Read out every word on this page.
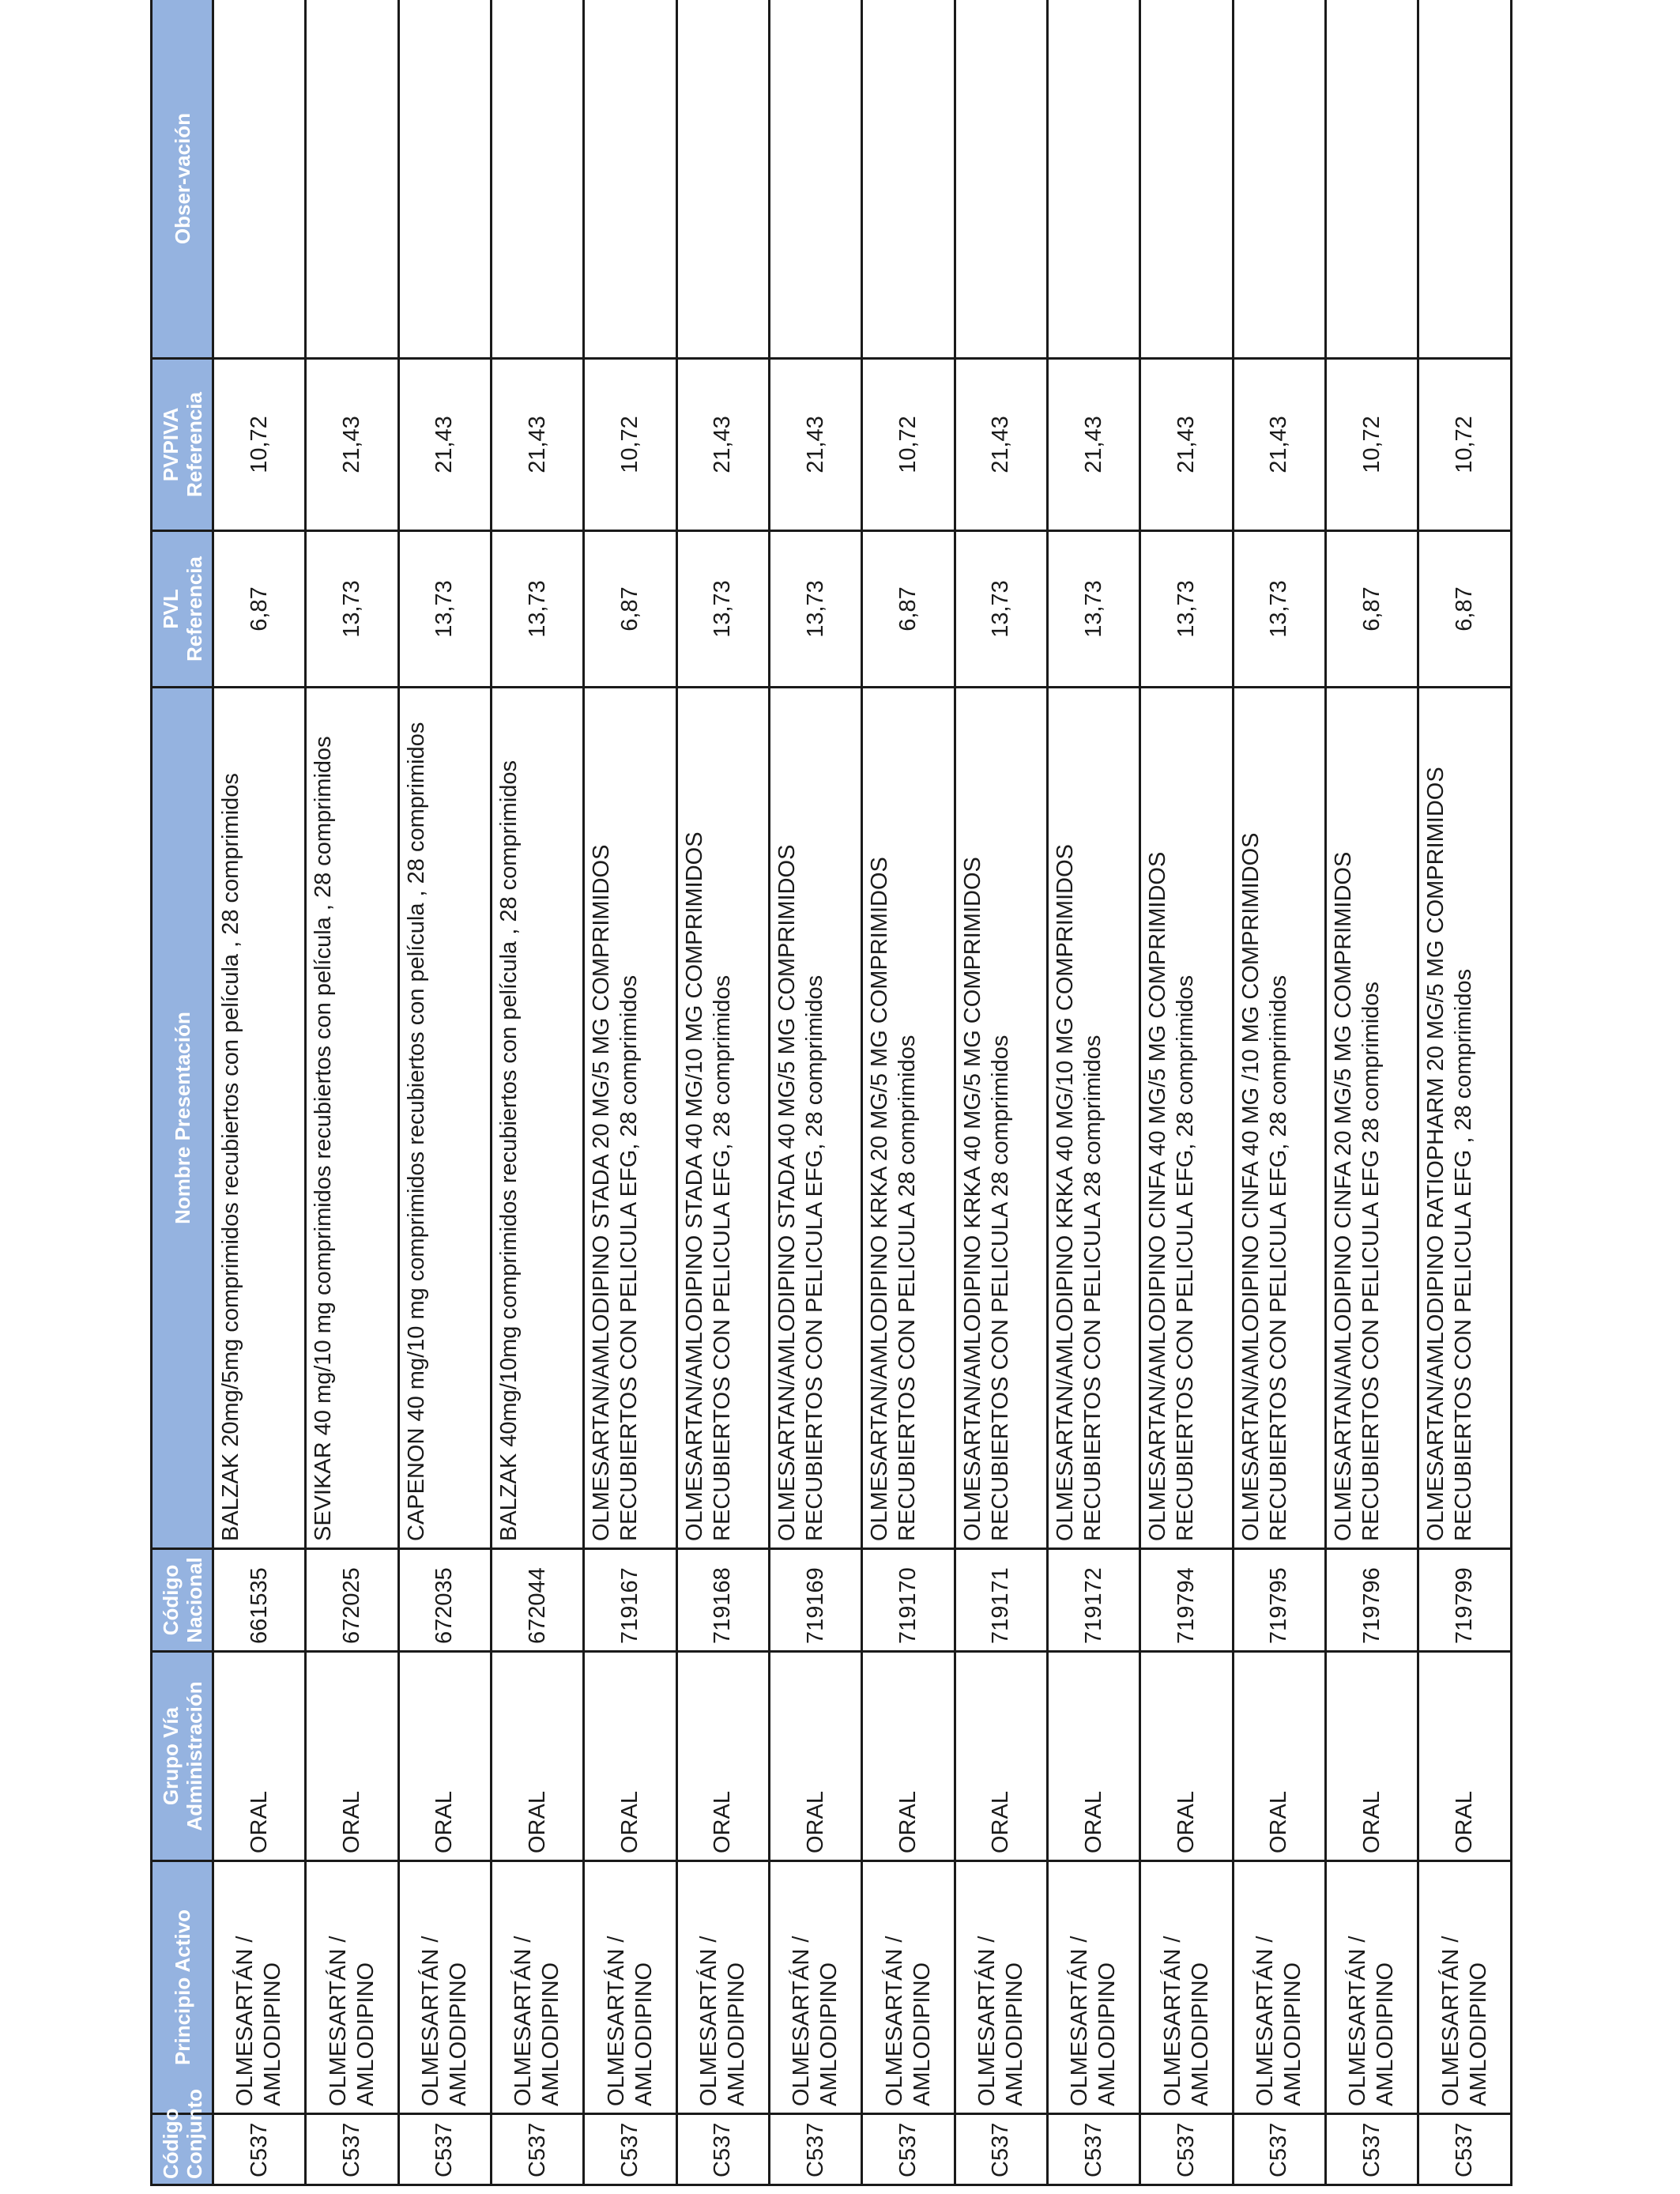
Código Conjunto	Principio Activo	Grupo Vía Administración	Código Nacional	Nombre Presentación	PVL Referencia	PVPIVA Referencia	Obser-vación
C537	OLMESARTÁN / AMLODIPINO	ORAL	661535	BALZAK 20mg/5mg comprimidos recubiertos con película , 28 comprimidos	6,87	10,72	
C537	OLMESARTÁN / AMLODIPINO	ORAL	672025	SEVIKAR 40 mg/10 mg comprimidos recubiertos con película , 28 comprimidos	13,73	21,43	
C537	OLMESARTÁN / AMLODIPINO	ORAL	672035	CAPENON 40 mg/10 mg comprimidos recubiertos con película , 28 comprimidos	13,73	21,43	
C537	OLMESARTÁN / AMLODIPINO	ORAL	672044	BALZAK 40mg/10mg comprimidos recubiertos con película , 28 comprimidos	13,73	21,43	
C537	OLMESARTÁN / AMLODIPINO	ORAL	719167	OLMESARTAN/AMLODIPINO STADA 20 MG/5 MG COMPRIMIDOS RECUBIERTOS CON PELICULA EFG, 28 comprimidos	6,87	10,72	
C537	OLMESARTÁN / AMLODIPINO	ORAL	719168	OLMESARTAN/AMLODIPINO STADA 40 MG/10 MG COMPRIMIDOS RECUBIERTOS CON PELICULA EFG, 28 comprimidos	13,73	21,43	
C537	OLMESARTÁN / AMLODIPINO	ORAL	719169	OLMESARTAN/AMLODIPINO STADA 40 MG/5 MG COMPRIMIDOS RECUBIERTOS CON PELICULA EFG, 28 comprimidos	13,73	21,43	
C537	OLMESARTÁN / AMLODIPINO	ORAL	719170	OLMESARTAN/AMLODIPINO KRKA 20 MG/5 MG COMPRIMIDOS RECUBIERTOS CON PELICULA 28 comprimidos	6,87	10,72	
C537	OLMESARTÁN / AMLODIPINO	ORAL	719171	OLMESARTAN/AMLODIPINO KRKA 40 MG/5 MG COMPRIMIDOS RECUBIERTOS CON PELICULA 28 comprimidos	13,73	21,43	
C537	OLMESARTÁN / AMLODIPINO	ORAL	719172	OLMESARTAN/AMLODIPINO KRKA 40 MG/10 MG COMPRIMIDOS RECUBIERTOS CON PELICULA 28 comprimidos	13,73	21,43	
C537	OLMESARTÁN / AMLODIPINO	ORAL	719794	OLMESARTAN/AMLODIPINO CINFA 40 MG/5 MG COMPRIMIDOS RECUBIERTOS CON PELICULA EFG, 28 comprimidos	13,73	21,43	
C537	OLMESARTÁN / AMLODIPINO	ORAL	719795	OLMESARTAN/AMLODIPINO CINFA 40 MG /10 MG COMPRIMIDOS RECUBIERTOS CON PELICULA EFG, 28 comprimidos	13,73	21,43	
C537	OLMESARTÁN / AMLODIPINO	ORAL	719796	OLMESARTAN/AMLODIPINO CINFA 20 MG/5 MG COMPRIMIDOS RECUBIERTOS CON PELICULA EFG 28 comprimidos	6,87	10,72	
C537	OLMESARTÁN / AMLODIPINO	ORAL	719799	OLMESARTAN/AMLODIPINO RATIOPHARM 20 MG/5 MG COMPRIMIDOS RECUBIERTOS CON PELICULA EFG , 28 comprimidos	6,87	10,72	
